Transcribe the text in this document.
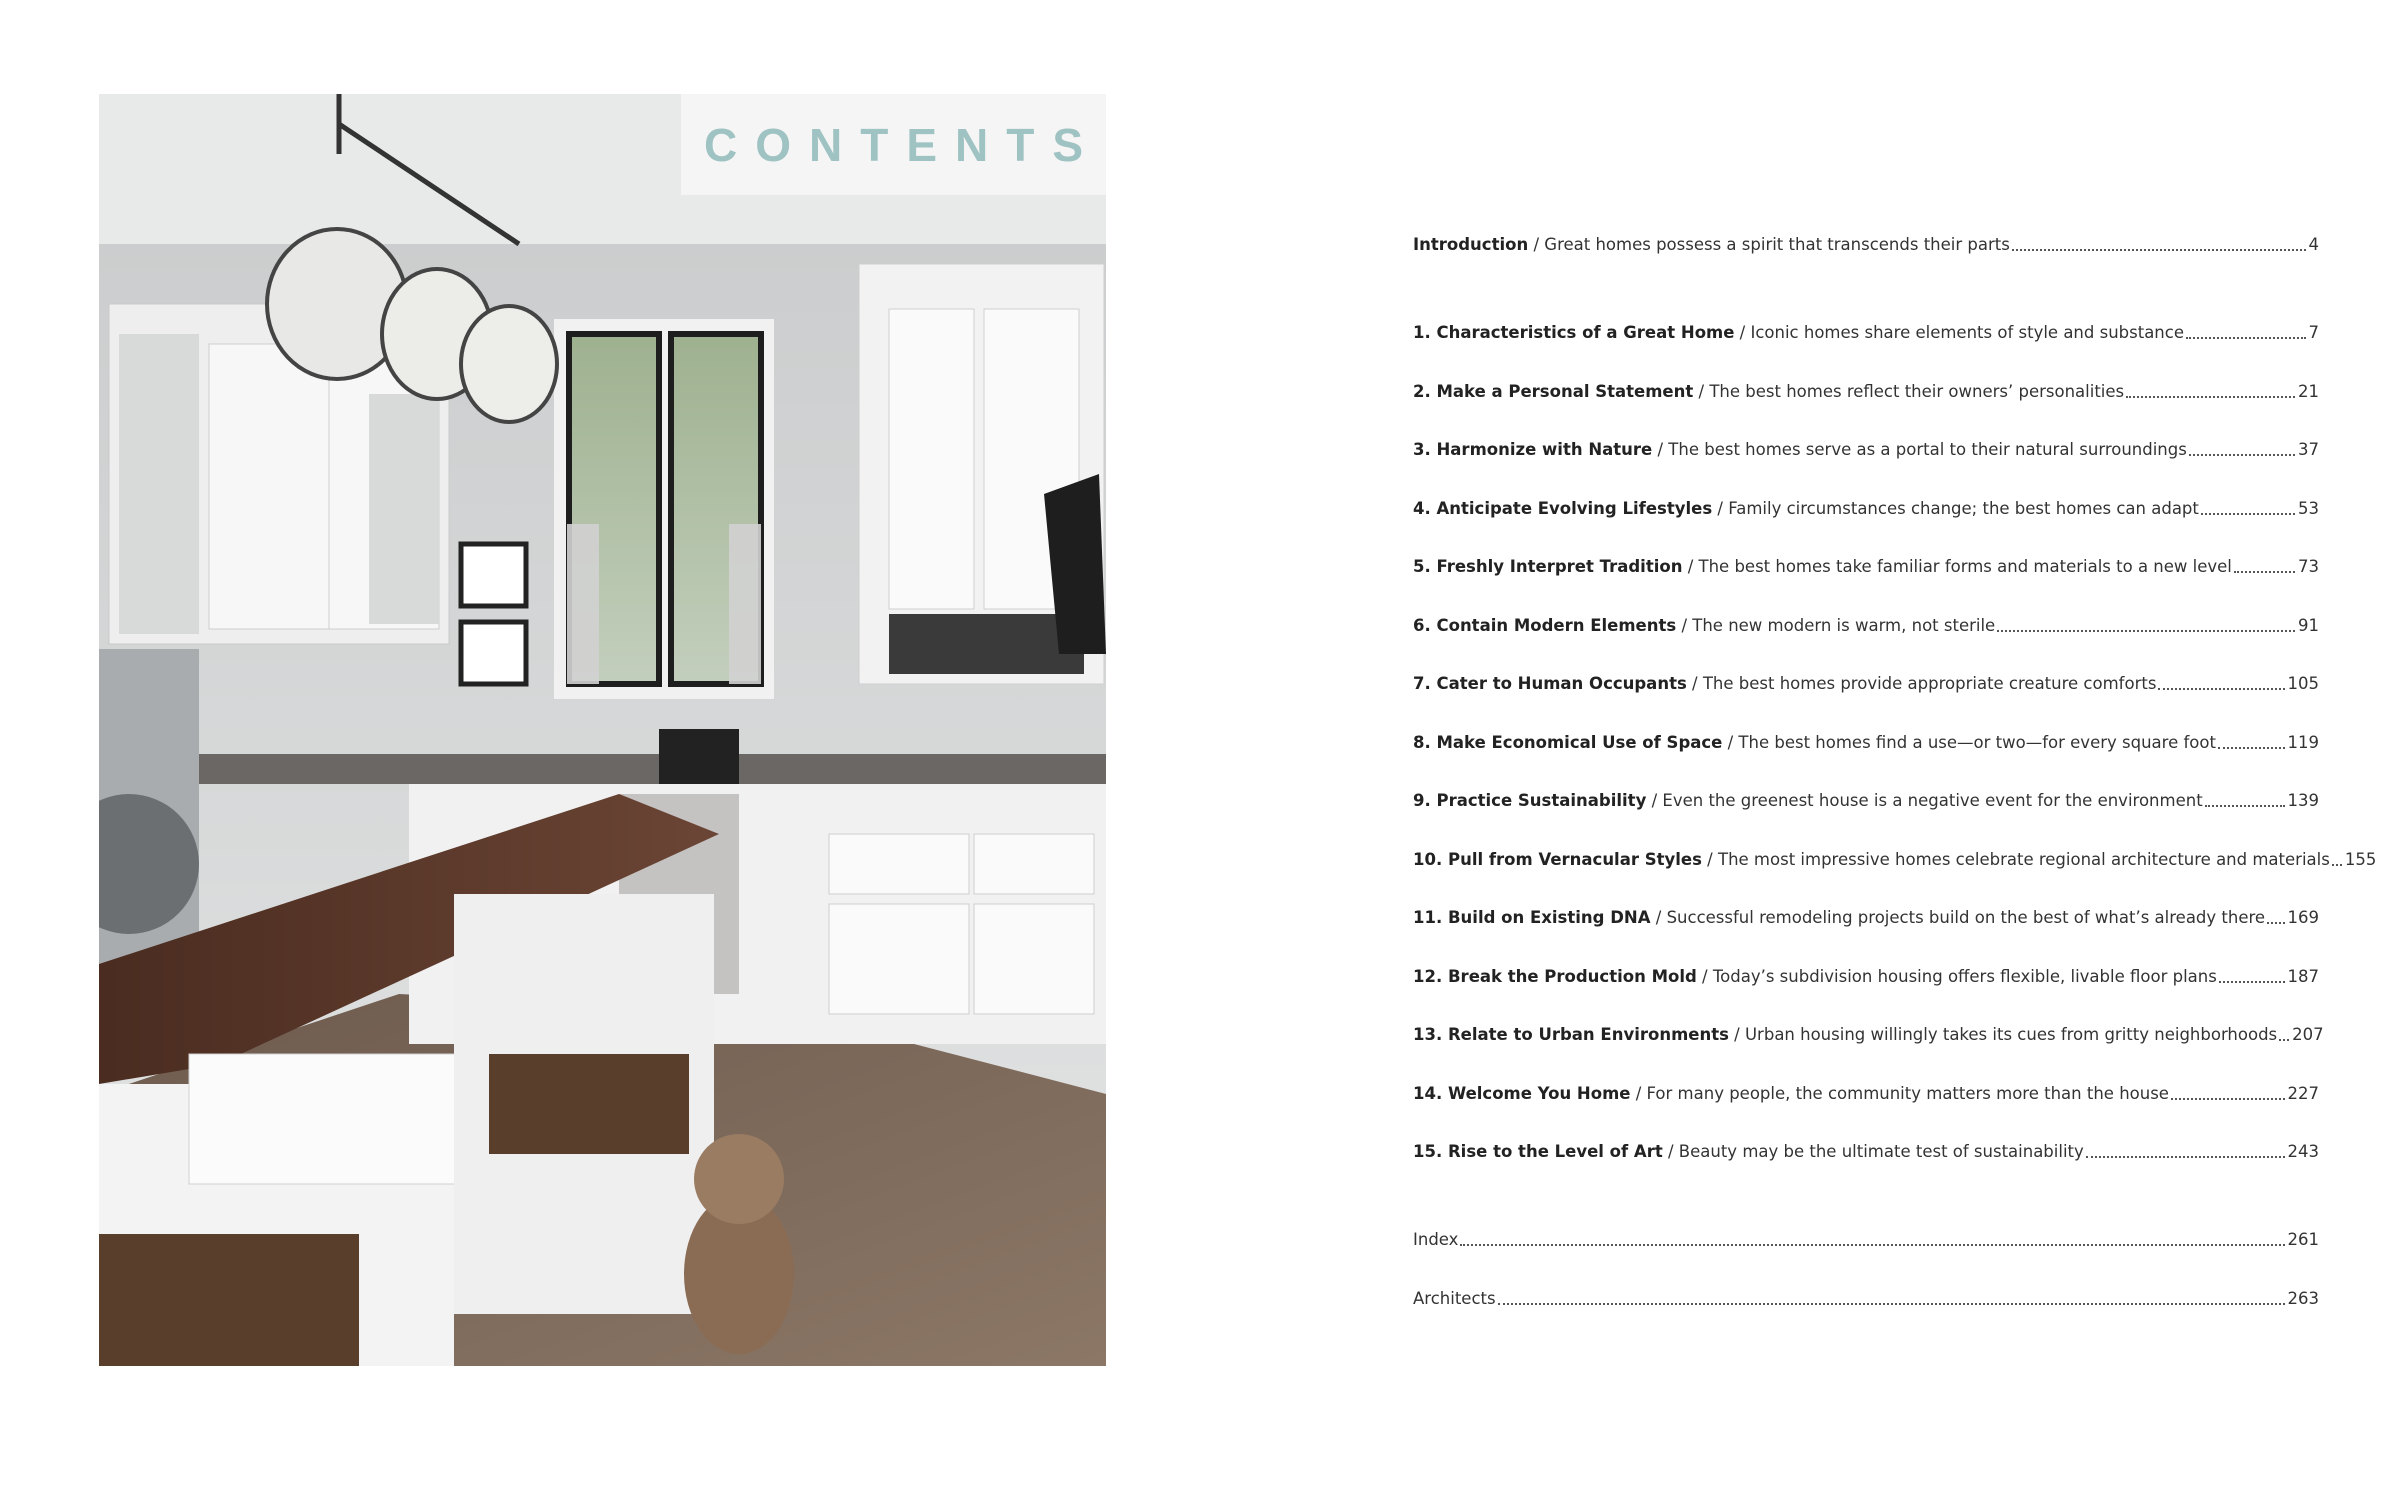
CONTENTS
Introduction / Great homes possess a spirit that transcends their parts	4
1. Characteristics of a Great Home / Iconic homes share elements of style and substance	7
2. Make a Personal Statement / The best homes reflect their owners’ personalities	21
3. Harmonize with Nature / The best homes serve as a portal to their natural surroundings	37
4. Anticipate Evolving Lifestyles / Family circumstances change; the best homes can adapt	53
5. Freshly Interpret Tradition / The best homes take familiar forms and materials to a new level	73
6. Contain Modern Elements / The new modern is warm, not sterile	91
7. Cater to Human Occupants / The best homes provide appropriate creature comforts	105
8. Make Economical Use of Space / The best homes find a use—or two—for every square foot	119
9. Practice Sustainability / Even the greenest house is a negative event for the environment	139
10. Pull from Vernacular Styles / The most impressive homes celebrate regional architecture and materials 155
11. Build on Existing DNA / Successful remodeling projects build on the best of what’s already there 169
12. Break the Production Mold / Today’s subdivision housing offers flexible, livable floor plans	187
13. Relate to Urban Environments / Urban housing willingly takes its cues from gritty neighborhoods 207
14. Welcome You Home / For many people, the community matters more than the house	227
15. Rise to the Level of Art / Beauty may be the ultimate test of sustainability	243
Index	261
Architects	263
